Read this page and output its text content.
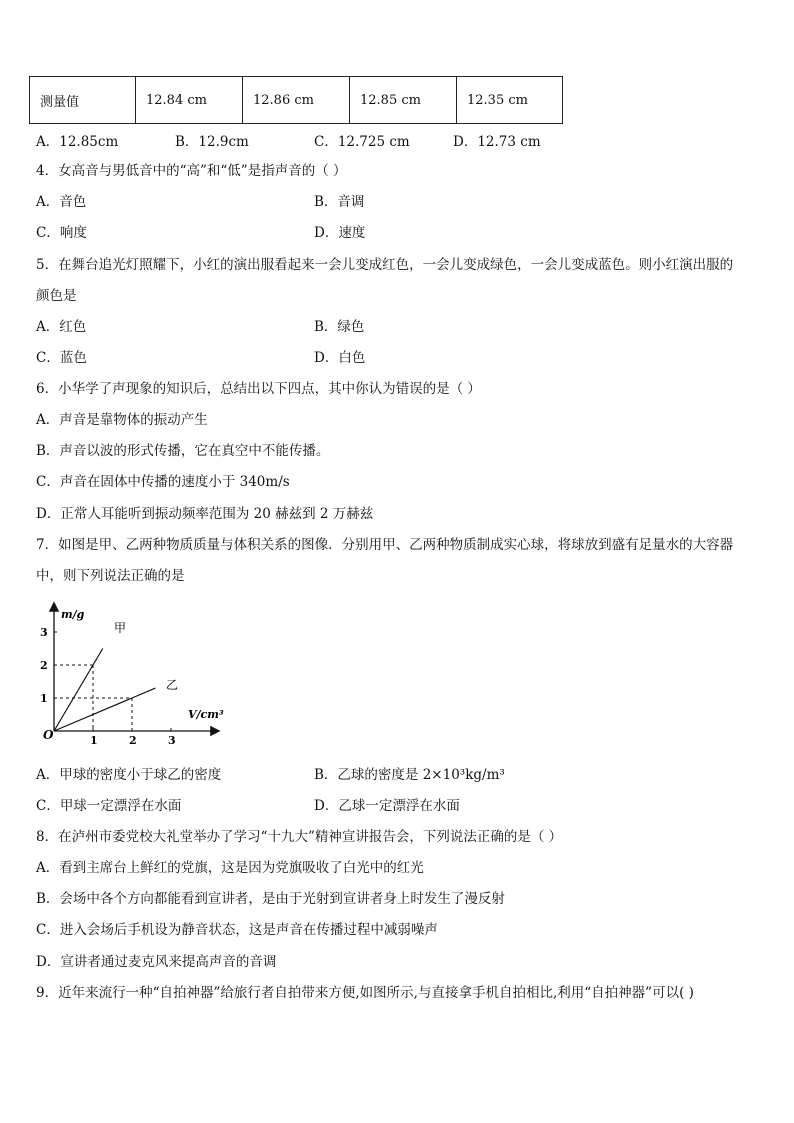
测量值	12.84 cm	12.86 cm	12.85 cm	12.35 cm
A．12.85cm	B．12.9cm	C．12.725 cm	D．12.73 cm
4．女高音与男低音中的“高”和“低”是指声音的（ ）
A．音色	B．音调
C．响度	D．速度
5．在舞台追光灯照耀下，小红的演出服看起来一会儿变成红色，一会儿变成绿色，一会儿变成蓝色。则小红演出服的
颜色是
A．红色	B．绿色
C．蓝色	D．白色
6．小华学了声现象的知识后，总结出以下四点，其中你认为错误的是（ ）
A．声音是靠物体的振动产生
B．声音以波的形式传播，它在真空中不能传播。
C．声音在固体中传播的速度小于 340m/s
D．正常人耳能听到振动频率范围为 20 赫兹到 2 万赫兹
7．如图是甲、乙两种物质质量与体积关系的图像．分别用甲、乙两种物质制成实心球，将球放到盛有足量水的大容器
中，则下列说法正确的是
1	2	3
1
2
3
m/g
V/cm³
O
甲
乙
A．甲球的密度小于球乙的密度	B．乙球的密度是 2×10³kg/m³
C．甲球一定漂浮在水面	D．乙球一定漂浮在水面
8．在泸州市委党校大礼堂举办了学习“十九大”精神宣讲报告会，下列说法正确的是（ ）
A．看到主席台上鲜红的党旗，这是因为党旗吸收了白光中的红光
B．会场中各个方向都能看到宣讲者，是由于光射到宣讲者身上时发生了漫反射
C．进入会场后手机设为静音状态，这是声音在传播过程中减弱噪声
D．宣讲者通过麦克风来提高声音的音调
9．近年来流行一种“自拍神器”给旅行者自拍带来方便,如图所示,与直接拿手机自拍相比,利用“自拍神器”可以( )
